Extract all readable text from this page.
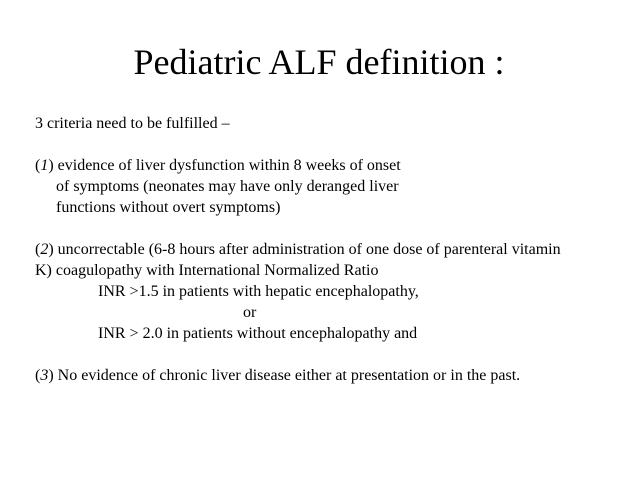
Pediatric ALF definition :
3 criteria need to be fulfilled –
(1) evidence of liver dysfunction within 8 weeks of onset
of symptoms (neonates may have only deranged liver
functions without overt symptoms)
(2) uncorrectable (6-8 hours after administration of one dose of parenteral vitamin
K) coagulopathy with International Normalized Ratio
INR >1.5 in patients with hepatic encephalopathy,
or
INR > 2.0 in patients without encephalopathy and
(3) No evidence of chronic liver disease either at presentation or in the past.
